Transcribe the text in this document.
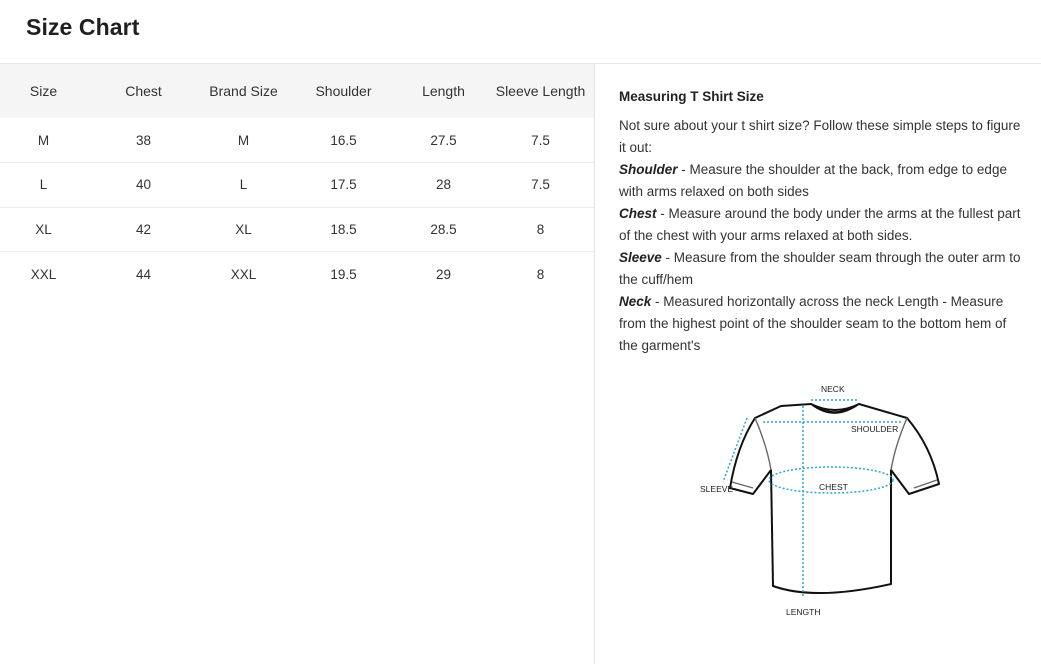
Size Chart
Size	Chest	Brand Size	Shoulder	Length	Sleeve Length
M	38	M	16.5	27.5	7.5
L	40	L	17.5	28	7.5
XL	42	XL	18.5	28.5	8
XXL	44	XXL	19.5	29	8
Measuring T Shirt Size

Not sure about your t shirt size? Follow these simple steps to figure it out:

Shoulder - Measure the shoulder at the back, from edge to edge with arms relaxed on both sides

Chest - Measure around the body under the arms at the fullest part of the chest with your arms relaxed at both sides.

Sleeve - Measure from the shoulder seam through the outer arm to the cuff/hem

Neck - Measured horizontally across the neck Length - Measure from the highest point of the shoulder seam to the bottom hem of the garment's

NECK
SHOULDER
CHEST
SLEEVE
LENGTH
